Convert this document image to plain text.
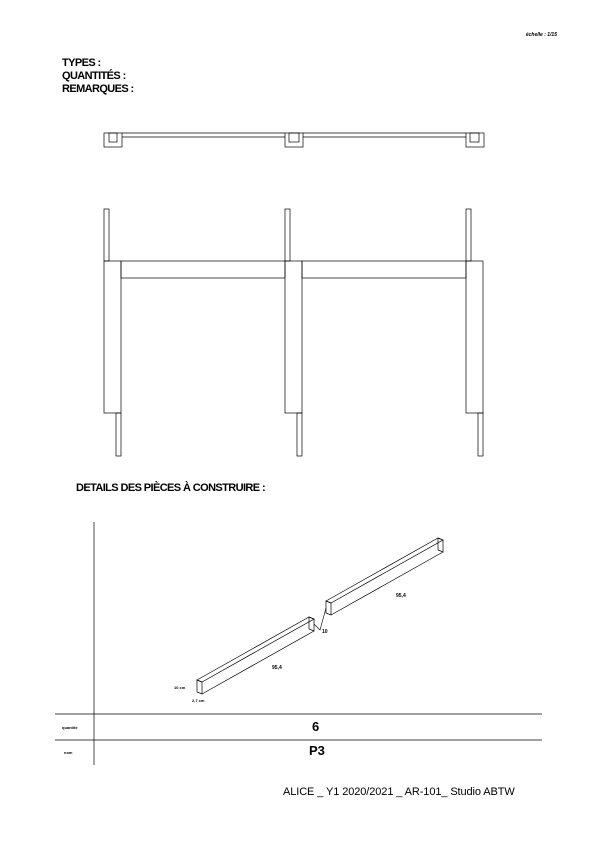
échelle : 1/15
TYPES :
QUANTITÉS :
REMARQUES :
DETAILS DES PIÈCES À CONSTRUIRE :
95,4
10
95,4
10 cm
2,7 cm
quantité	6
nom	P3
ALICE _ Y1 2020/2021 _ AR-101_ Studio ABTW
